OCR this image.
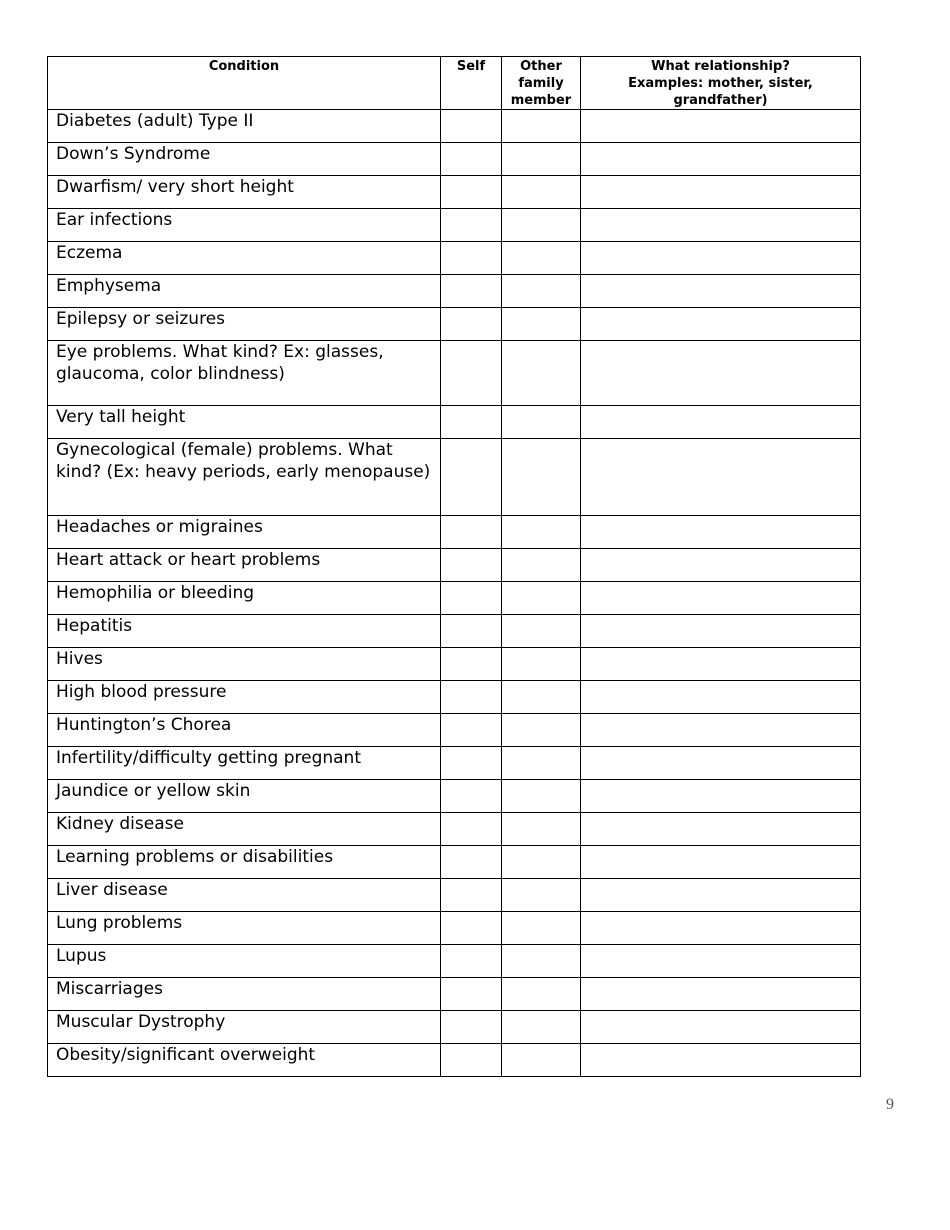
Condition	Self	Other family member	What relationship?
Examples: mother, sister, grandfather)
Diabetes (adult) Type II			
Down’s Syndrome			
Dwarfism/ very short height			
Ear infections			
Eczema			
Emphysema			
Epilepsy or seizures			
Eye problems. What kind? Ex: glasses, glaucoma, color blindness)			
Very tall height			
Gynecological (female) problems. What kind? (Ex: heavy periods, early menopause)			
Headaches or migraines			
Heart attack or heart problems			
Hemophilia or bleeding			
Hepatitis			
Hives			
High blood pressure			
Huntington’s Chorea			
Infertility/difficulty getting pregnant			
Jaundice or yellow skin			
Kidney disease			
Learning problems or disabilities			
Liver disease			
Lung problems			
Lupus			
Miscarriages			
Muscular Dystrophy			
Obesity/significant overweight			
9
